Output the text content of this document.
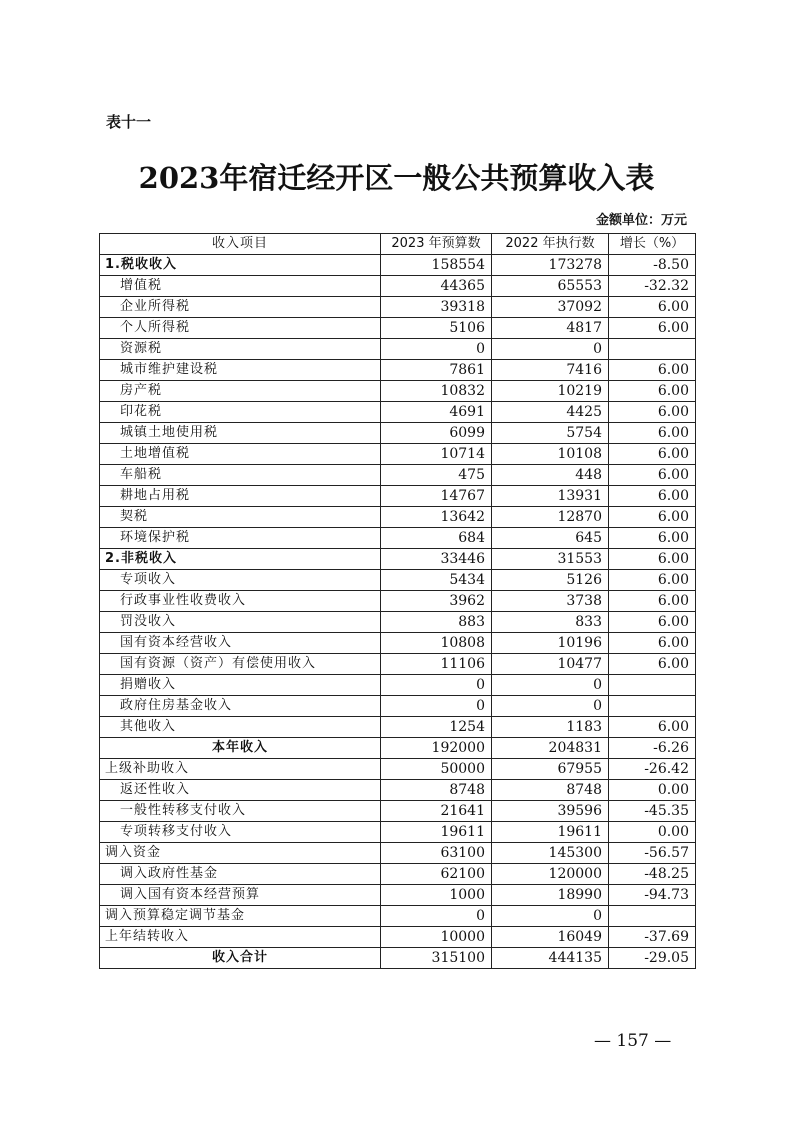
表十一
2023年宿迁经开区一般公共预算收入表
金额单位：万元
收入项目	2023 年预算数	2022 年执行数	增长（%）
1.税收收入	158554	173278	-8.50
增值税	44365	65553	-32.32
企业所得税	39318	37092	6.00
个人所得税	5106	4817	6.00
资源税	0	0	
城市维护建设税	7861	7416	6.00
房产税	10832	10219	6.00
印花税	4691	4425	6.00
城镇土地使用税	6099	5754	6.00
土地增值税	10714	10108	6.00
车船税	475	448	6.00
耕地占用税	14767	13931	6.00
契税	13642	12870	6.00
环境保护税	684	645	6.00
2.非税收入	33446	31553	6.00
专项收入	5434	5126	6.00
行政事业性收费收入	3962	3738	6.00
罚没收入	883	833	6.00
国有资本经营收入	10808	10196	6.00
国有资源（资产）有偿使用收入	11106	10477	6.00
捐赠收入	0	0	
政府住房基金收入	0	0	
其他收入	1254	1183	6.00
本年收入	192000	204831	-6.26
上级补助收入	50000	67955	-26.42
返还性收入	8748	8748	0.00
一般性转移支付收入	21641	39596	-45.35
专项转移支付收入	19611	19611	0.00
调入资金	63100	145300	-56.57
调入政府性基金	62100	120000	-48.25
调入国有资本经营预算	1000	18990	-94.73
调入预算稳定调节基金	0	0	
上年结转收入	10000	16049	-37.69
收入合计	315100	444135	-29.05
— 157 —
